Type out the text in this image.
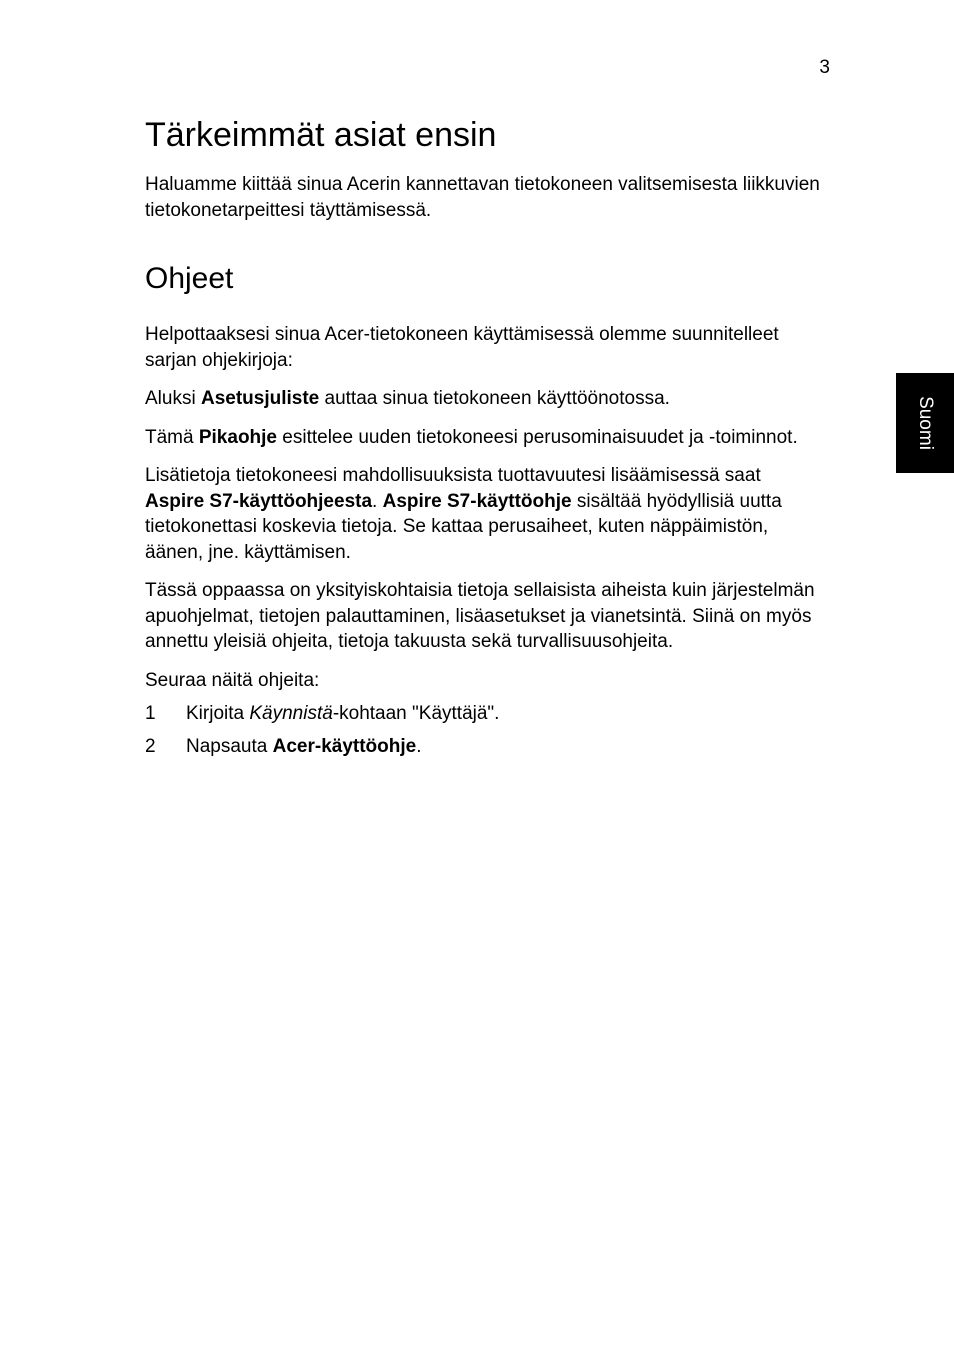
3
Suomi
Tärkeimmät asiat ensin
Haluamme kiittää sinua Acerin kannettavan tietokoneen valitsemisesta liikkuvien tietokonetarpeittesi täyttämisessä.
Ohjeet
Helpottaaksesi sinua Acer-tietokoneen käyttämisessä olemme suunnitelleet sarjan ohjekirjoja:

Aluksi Asetusjuliste auttaa sinua tietokoneen käyttöönotossa.

Tämä Pikaohje esittelee uuden tietokoneesi perusominaisuudet ja -toiminnot.

Lisätietoja tietokoneesi mahdollisuuksista tuottavuutesi lisäämisessä saat Aspire S7-käyttöohjeesta. Aspire S7-käyttöohje sisältää hyödyllisiä uutta tietokonettasi koskevia tietoja. Se kattaa perusaiheet, kuten näppäimistön, äänen, jne. käyttämisen.

Tässä oppaassa on yksityiskohtaisia tietoja sellaisista aiheista kuin järjestelmän apuohjelmat, tietojen palauttaminen, lisäasetukset ja vianetsintä. Siinä on myös annettu yleisiä ohjeita, tietoja takuusta sekä turvallisuusohjeita.

Seuraa näitä ohjeita:

1	Kirjoita Käynnistä-kohtaan "Käyttäjä".
2	Napsauta Acer-käyttöohje.
